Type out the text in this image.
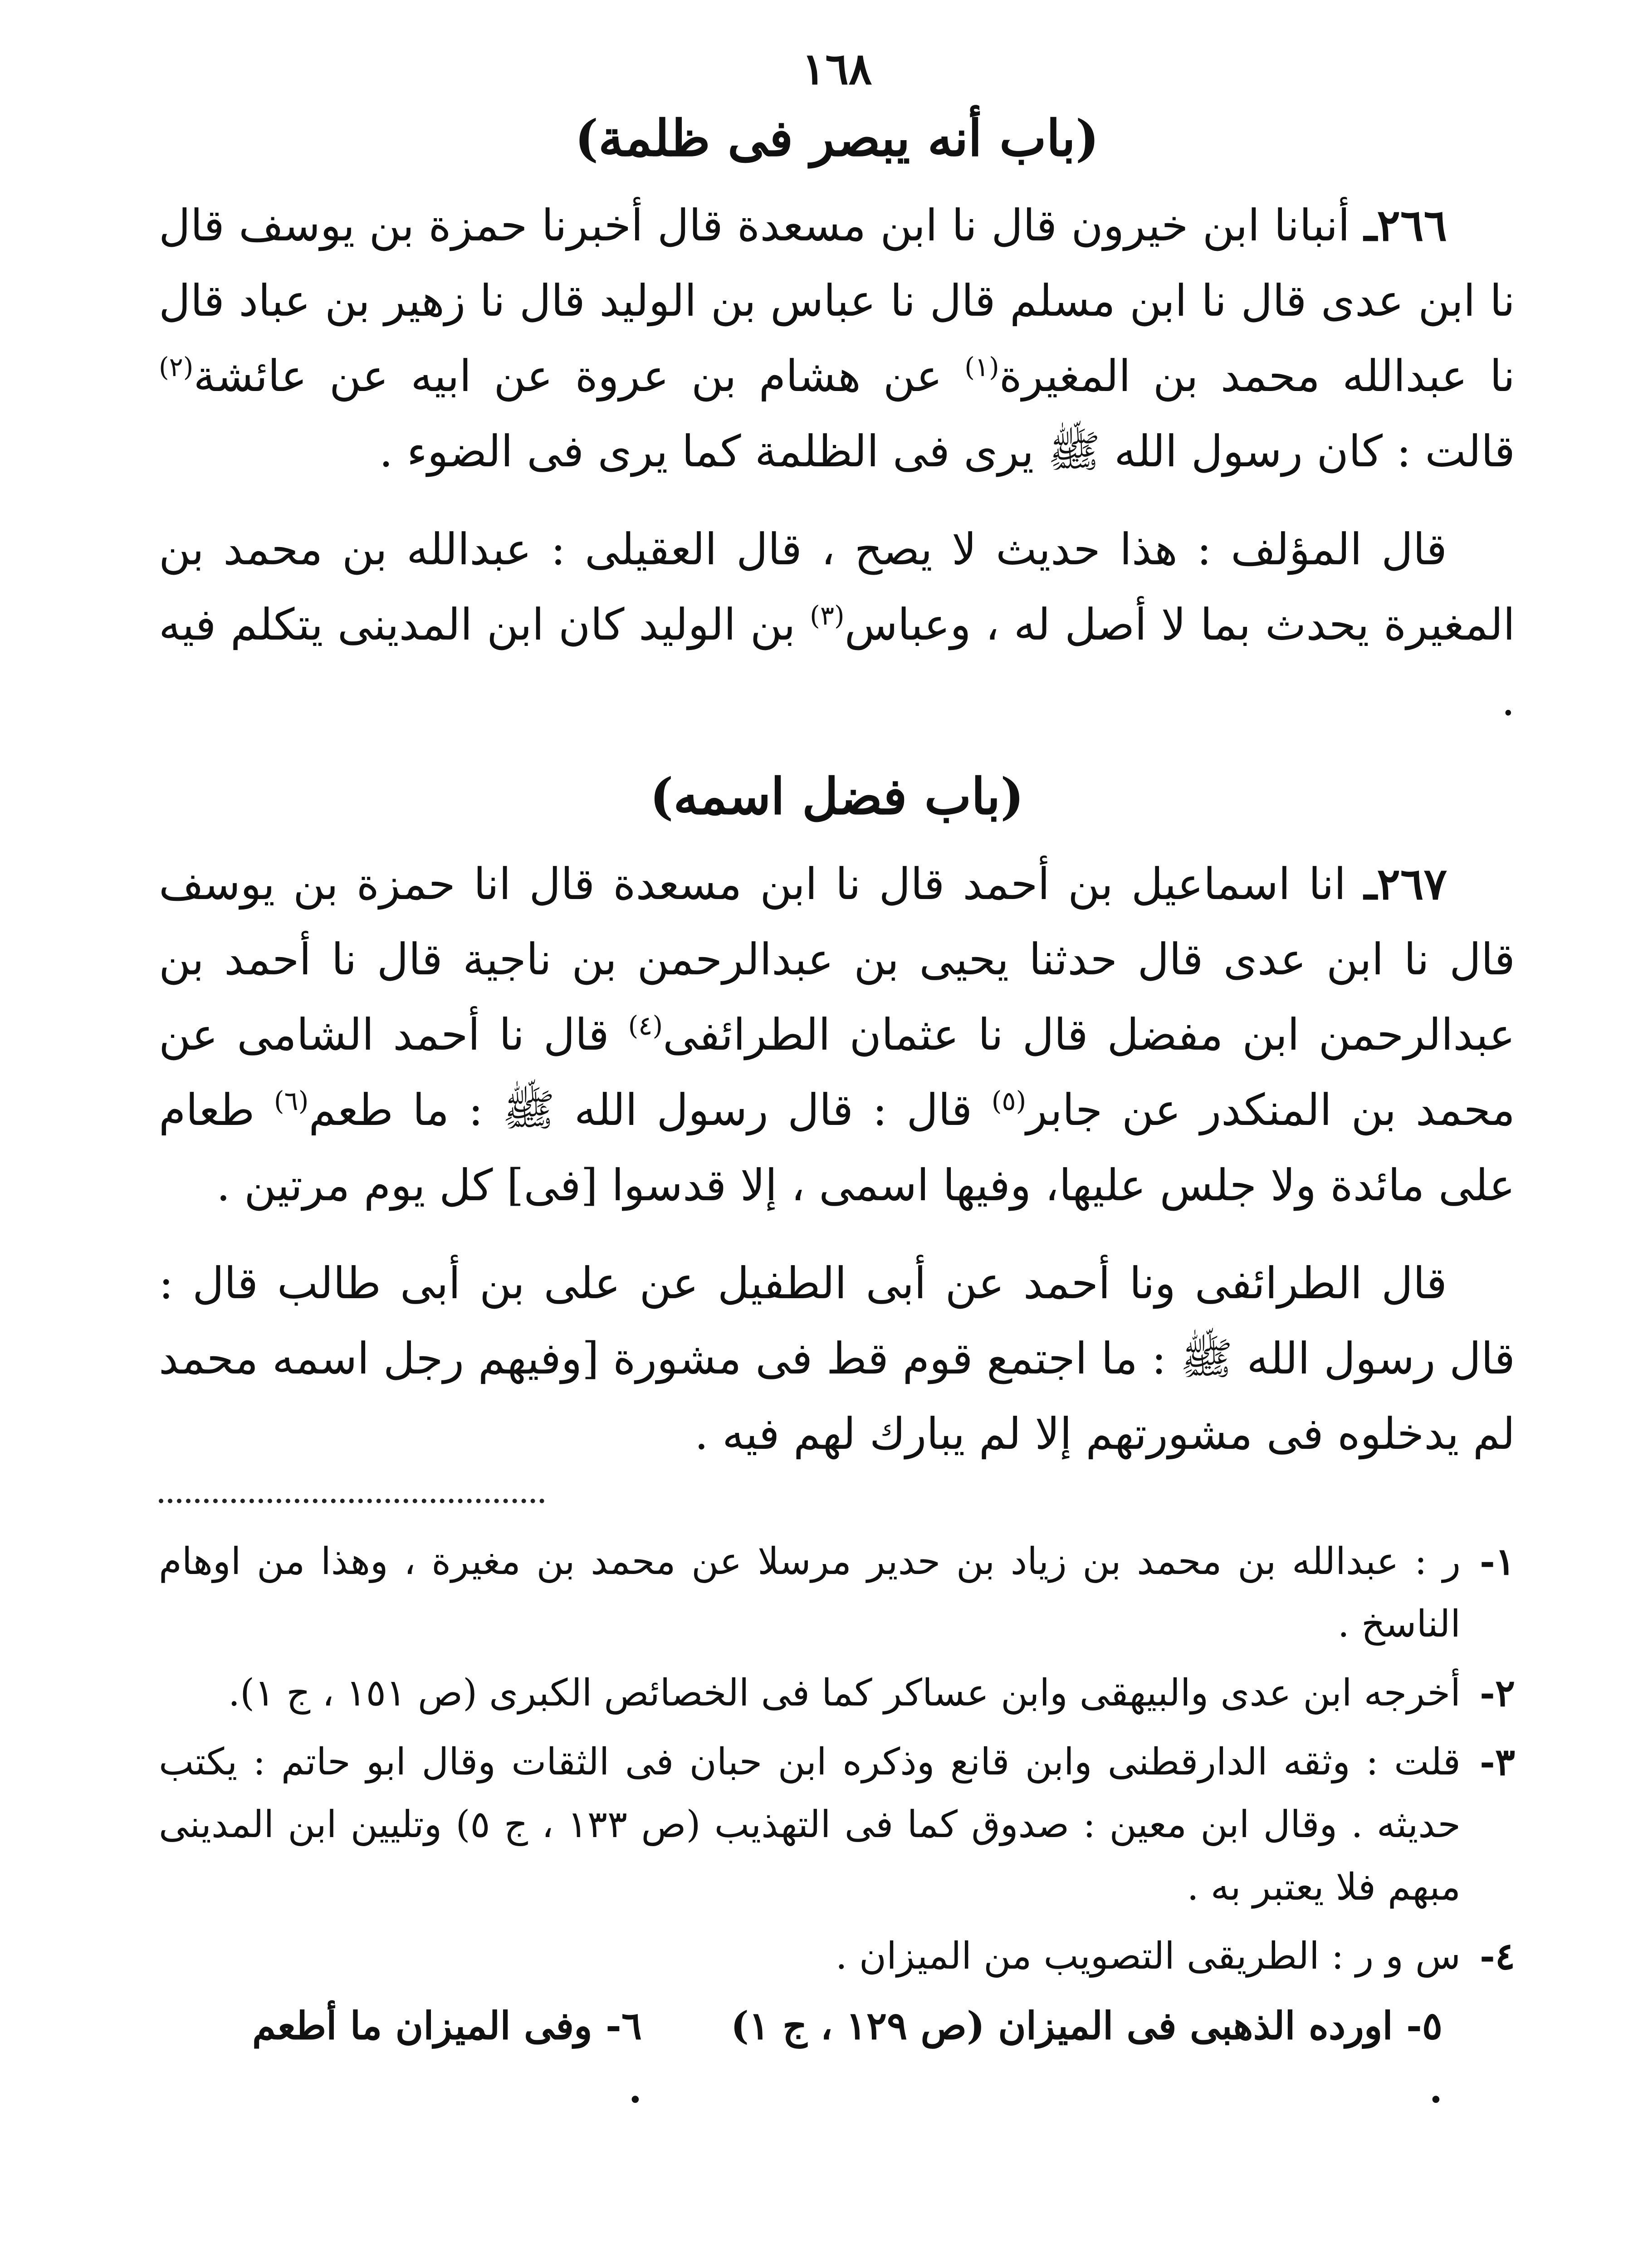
١٦٨
(باب أنه يبصر فى ظلمة)

٢٦٦ـ أنبانا ابن خيرون قال نا ابن مسعدة قال أخبرنا حمزة بن يوسف قال نا ابن عدى قال نا ابن مسلم قال نا عباس بن الوليد قال نا زهير بن عباد قال نا عبدالله محمد بن المغيرة$^{(١)}$ عن هشام بن عروة عن ابيه عن عائشة$^{(٢)}$ قالت : كان رسول الله ﷺ يرى فى الظلمة كما يرى فى الضوء .

قال المؤلف : هذا حديث لا يصح ، قال العقيلى : عبدالله بن محمد بن المغيرة يحدث بما لا أصل له ، وعباس$^{(٣)}$ بن الوليد كان ابن المدينى يتكلم فيه .

(باب فضل اسمه)

٢٦٧ـ انا اسماعيل بن أحمد قال نا ابن مسعدة قال انا حمزة بن يوسف قال نا ابن عدى قال حدثنا يحيى بن عبدالرحمن بن ناجية قال نا أحمد بن عبدالرحمن ابن مفضل قال نا عثمان الطرائفى$^{(٤)}$ قال نا أحمد الشامى عن محمد بن المنكدر عن جابر$^{(٥)}$ قال : قال رسول الله ﷺ : ما طعم$^{(٦)}$ طعام على مائدة ولا جلس عليها، وفيها اسمى ، إلا قدسوا [فى] كل يوم مرتين .

قال الطرائفى ونا أحمد عن أبى الطفيل عن على بن أبى طالب قال : قال رسول الله ﷺ : ما اجتمع قوم قط فى مشورة [وفيهم رجل اسمه محمد لم يدخلوه فى مشورتهم إلا لم يبارك لهم فيه .

١-
ر : عبدالله بن محمد بن زياد بن حدير مرسلا عن محمد بن مغيرة ، وهذا من اوهام الناسخ .
٢-
أخرجه ابن عدى والبيهقى وابن عساكر كما فى الخصائص الكبرى (ص ١٥١ ، ج ١).
٣-
قلت : وثقه الدارقطنى وابن قانع وذكره ابن حبان فى الثقات وقال ابو حاتم : يكتب حديثه . وقال ابن معين : صدوق كما فى التهذيب (ص ١٣٣ ، ج ٥) وتليين ابن المدينى مبهم فلا يعتبر به .
٤-
س و ر : الطريقى التصويب من الميزان .
٥- اورده الذهبى فى الميزان (ص ١٢٩ ، ج ١) .
٦- وفى الميزان ما أطعم .
